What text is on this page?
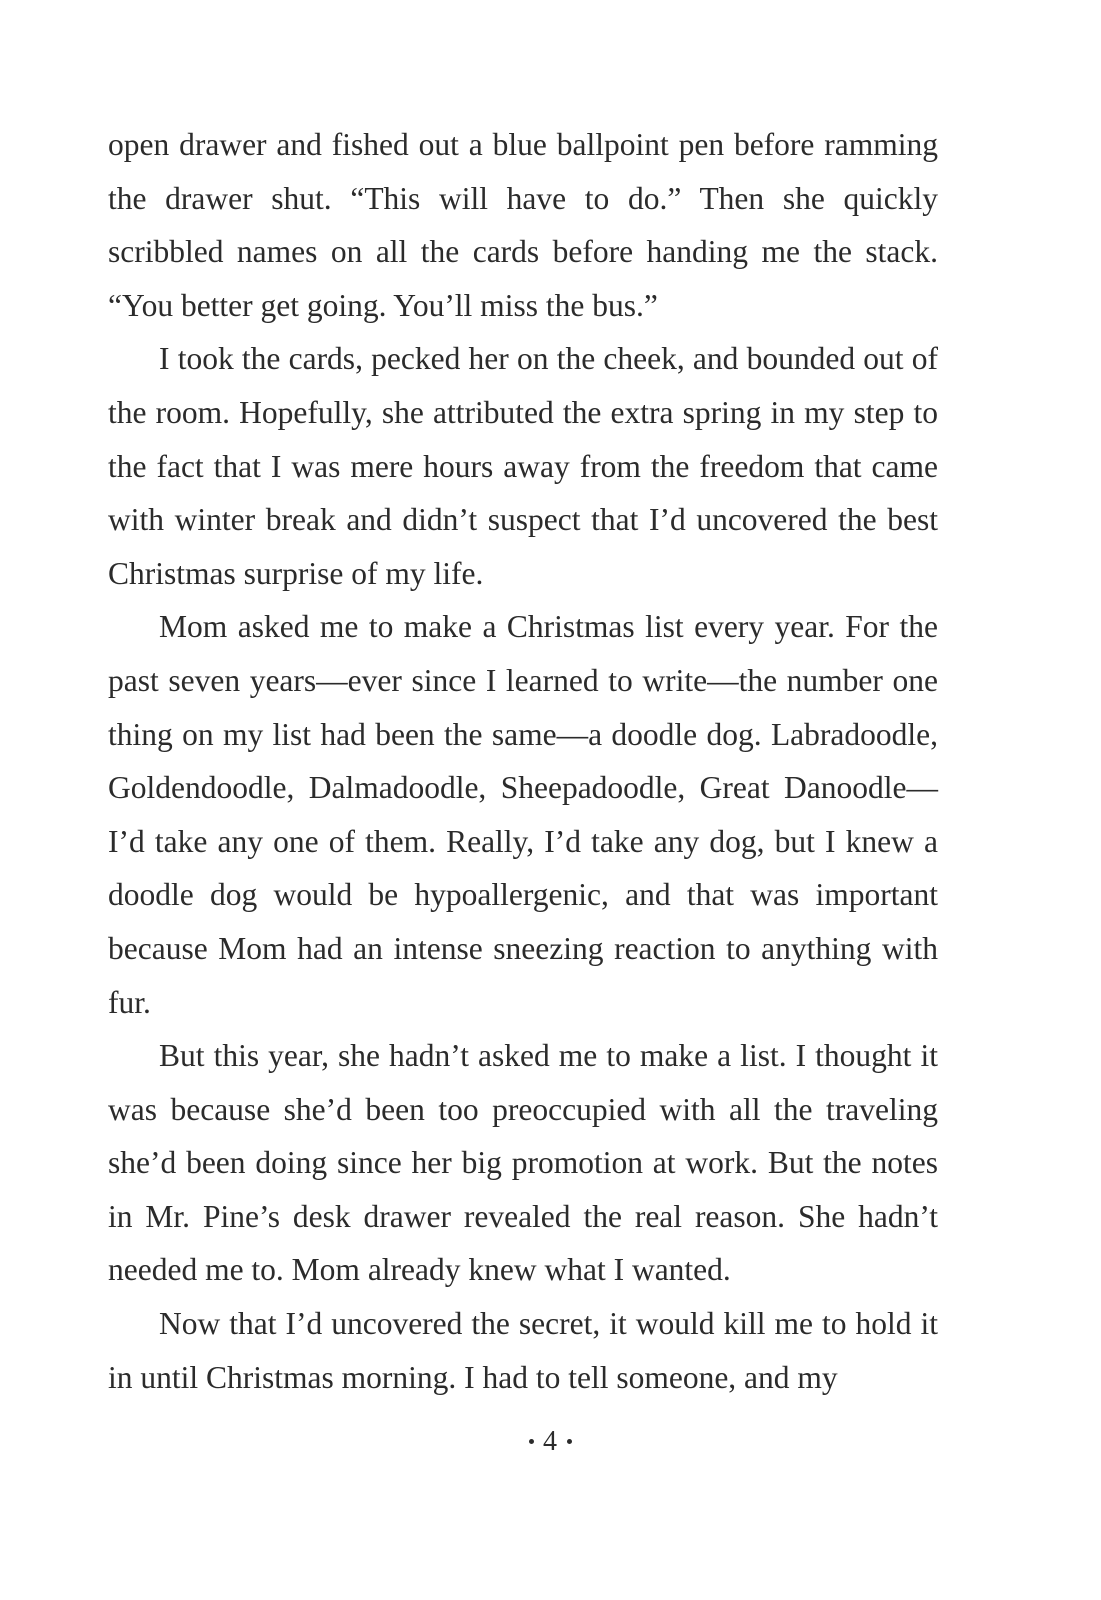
open drawer and fished out a blue ballpoint pen before ramming the drawer shut. “This will have to do.” Then she quickly scribbled names on all the cards before handing me the stack. “You better get going. You’ll miss the bus.”

I took the cards, pecked her on the cheek, and bounded out of the room. Hopefully, she attributed the extra spring in my step to the fact that I was mere hours away from the freedom that came with winter break and didn’t suspect that I’d uncovered the best Christmas surprise of my life.

Mom asked me to make a Christmas list every year. For the past seven years—ever since I learned to write—the number one thing on my list had been the same—a doodle dog. Labradoodle, Goldendoodle, Dalmadoodle, Sheepadoodle, Great Danoodle—I’d take any one of them. Really, I’d take any dog, but I knew a doodle dog would be hypoallergenic, and that was important because Mom had an intense sneezing reaction to anything with fur.

But this year, she hadn’t asked me to make a list. I thought it was because she’d been too preoccupied with all the traveling she’d been doing since her big promotion at work. But the notes in Mr. Pine’s desk drawer revealed the real reason. She hadn’t needed me to. Mom already knew what I wanted.

Now that I’d uncovered the secret, it would kill me to hold it in until Christmas morning. I had to tell someone, and my

4
